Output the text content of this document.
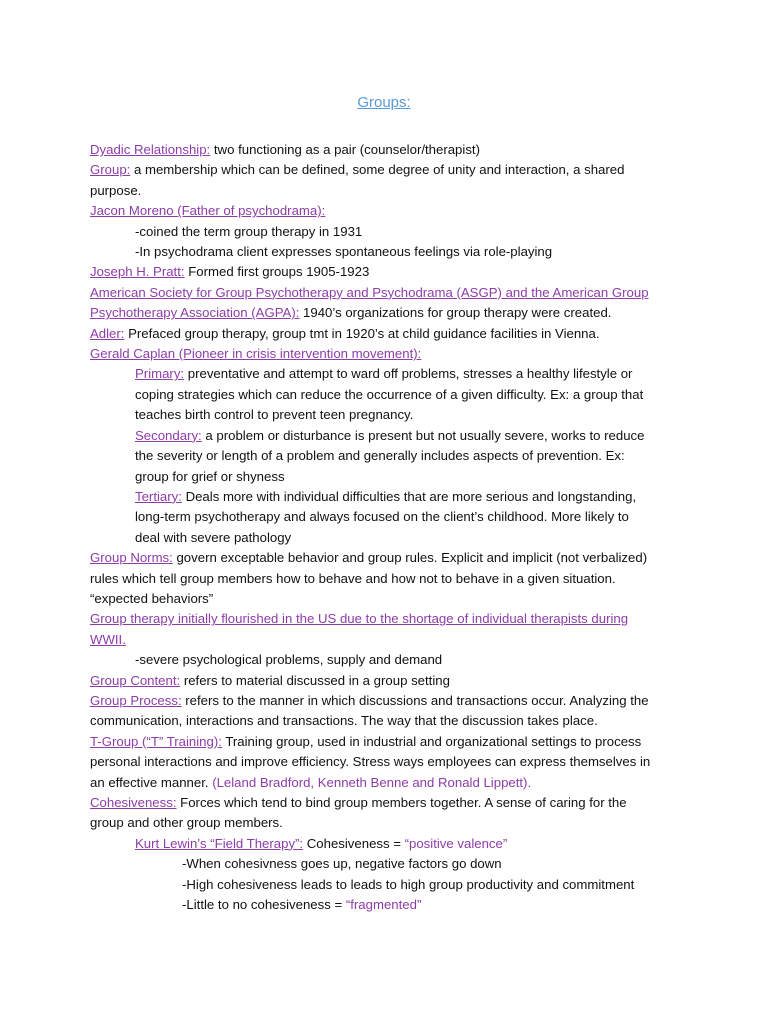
Groups:
Dyadic Relationship: two functioning as a pair (counselor/therapist)
Group: a membership which can be defined, some degree of unity and interaction, a shared
purpose.
Jacon Moreno (Father of psychodrama):
-coined the term group therapy in 1931
-In psychodrama client expresses spontaneous feelings via role-playing
Joseph H. Pratt: Formed first groups 1905-1923
American Society for Group Psychotherapy and Psychodrama (ASGP) and the American Group
Psychotherapy Association (AGPA): 1940’s organizations for group therapy were created.
Adler: Prefaced group therapy, group tmt in 1920’s at child guidance facilities in Vienna.
Gerald Caplan (Pioneer in crisis intervention movement):
Primary: preventative and attempt to ward off problems, stresses a healthy lifestyle or
coping strategies which can reduce the occurrence of a given difficulty. Ex: a group that
teaches birth control to prevent teen pregnancy.
Secondary: a problem or disturbance is present but not usually severe, works to reduce
the severity or length of a problem and generally includes aspects of prevention. Ex:
group for grief or shyness
Tertiary: Deals more with individual difficulties that are more serious and longstanding,
long-term psychotherapy and always focused on the client’s childhood. More likely to
deal with severe pathology
Group Norms: govern exceptable behavior and group rules. Explicit and implicit (not verbalized)
rules which tell group members how to behave and how not to behave in a given situation.
“expected behaviors”
Group therapy initially flourished in the US due to the shortage of individual therapists during
WWII.
-severe psychological problems, supply and demand
Group Content: refers to material discussed in a group setting
Group Process: refers to the manner in which discussions and transactions occur. Analyzing the
communication, interactions and transactions. The way that the discussion takes place.
T-Group (“T” Training): Training group, used in industrial and organizational settings to process
personal interactions and improve efficiency. Stress ways employees can express themselves in
an effective manner. (Leland Bradford, Kenneth Benne and Ronald Lippett).
Cohesiveness: Forces which tend to bind group members together. A sense of caring for the
group and other group members.
Kurt Lewin’s “Field Therapy”: Cohesiveness = “positive valence”
-When cohesivness goes up, negative factors go down
-High cohesiveness leads to leads to high group productivity and commitment
-Little to no cohesiveness = “fragmented”
